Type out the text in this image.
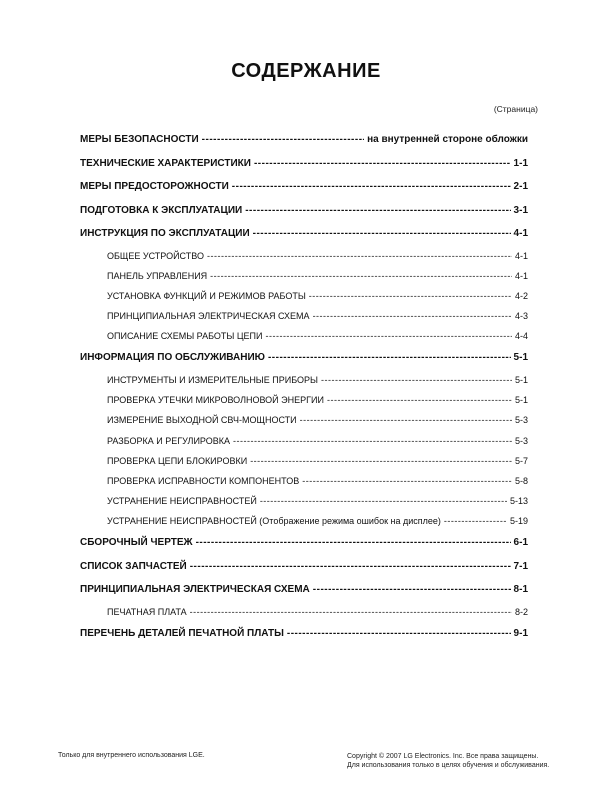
СОДЕРЖАНИЕ
(Страница)
МЕРЫ БЕЗОПАСНОСТИ -----	на внутренней стороне обложки
ТЕХНИЧЕСКИЕ ХАРАКТЕРИСТИКИ -----	1-1
МЕРЫ ПРЕДОСТОРОЖНОСТИ -----	2-1
ПОДГОТОВКА К ЭКСПЛУАТАЦИИ -----	3-1
ИНСТРУКЦИЯ ПО ЭКСПЛУАТАЦИИ -----	4-1
ОБЩЕЕ УСТРОЙСТВО -----	4-1
ПАНЕЛЬ УПРАВЛЕНИЯ -----	4-1
УСТАНОВКА ФУНКЦИЙ И РЕЖИМОВ РАБОТЫ -----	4-2
ПРИНЦИПИАЛЬНАЯ ЭЛЕКТРИЧЕСКАЯ СХЕМА -----	4-3
ОПИСАНИЕ СХЕМЫ РАБОТЫ ЦЕПИ -----	4-4
ИНФОРМАЦИЯ ПО ОБСЛУЖИВАНИЮ -----	5-1
ИНСТРУМЕНТЫ И ИЗМЕРИТЕЛЬНЫЕ ПРИБОРЫ -----	5-1
ПРОВЕРКА УТЕЧКИ МИКРОВОЛНОВОЙ ЭНЕРГИИ -----	5-1
ИЗМЕРЕНИЕ ВЫХОДНОЙ СВЧ-МОЩНОСТИ -----	5-3
РАЗБОРКА И РЕГУЛИРОВКА -----	5-3
ПРОВЕРКА ЦЕПИ БЛОКИРОВКИ -----	5-7
ПРОВЕРКА ИСПРАВНОСТИ КОМПОНЕНТОВ -----	5-8
УСТРАНЕНИЕ НЕИСПРАВНОСТЕЙ -----	5-13
УСТРАНЕНИЕ НЕИСПРАВНОСТЕЙ (Отображение режима ошибок на дисплее) -----	5-19
СБОРОЧНЫЙ ЧЕРТЕЖ -----	6-1
СПИСОК ЗАПЧАСТЕЙ -----	7-1
ПРИНЦИПИАЛЬНАЯ ЭЛЕКТРИЧЕСКАЯ СХЕМА -----	8-1
ПЕЧАТНАЯ ПЛАТА -----	8-2
ПЕРЕЧЕНЬ ДЕТАЛЕЙ ПЕЧАТНОЙ ПЛАТЫ -----	9-1
Только для внутреннего использования LGE.	Copyright © 2007 LG Electronics. Inc. Все права защищены.
Для использования только в целях обучения и обслуживания.
